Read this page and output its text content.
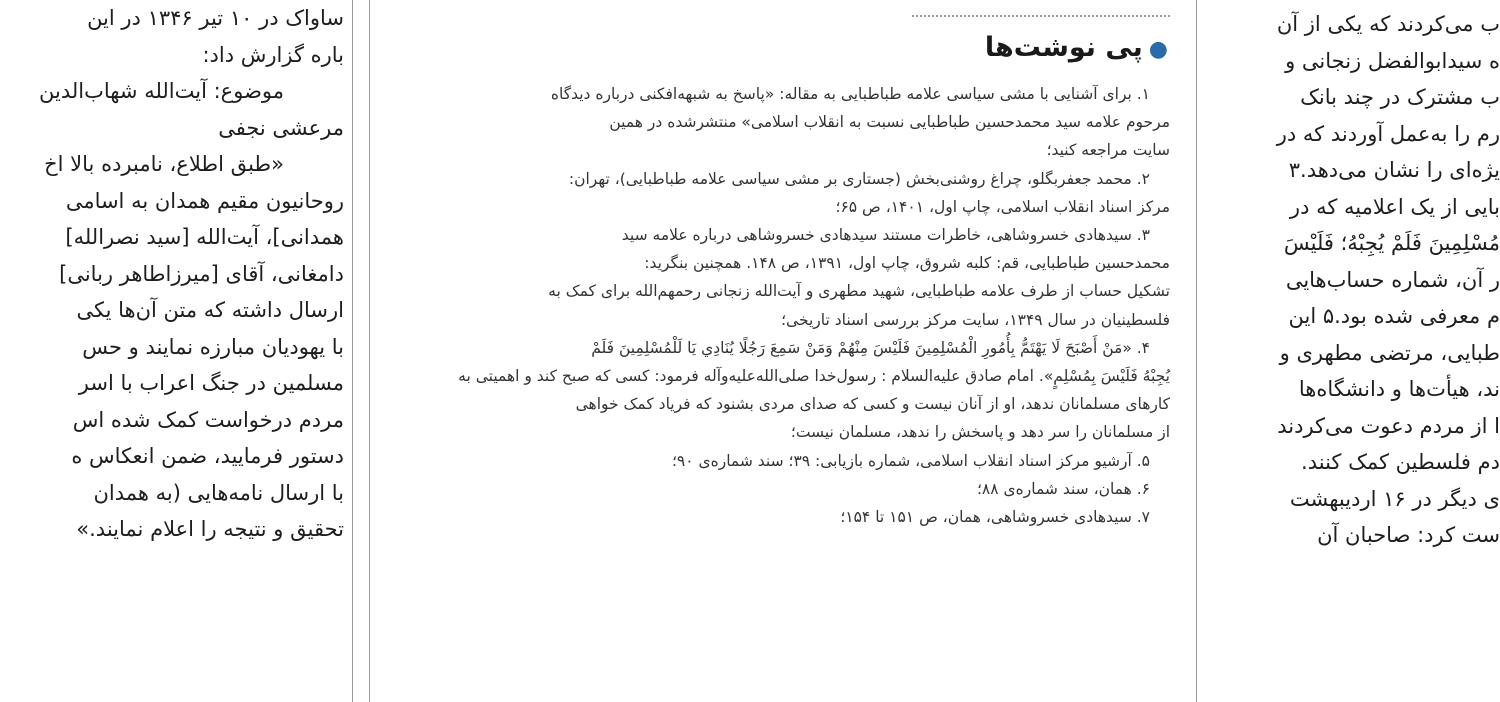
ساواک در ۱۰ تیر ۱۳۴۶ در این

باره گزارش داد:

موضوع: آیت‌الله شهاب‌الدین

مرعشی نجفی

«طبق اطلاع، نامبرده بالا اخ

روحانیون مقیم همدان به اسامی

همدانی]، آیت‌الله [سید نصرالله]

دامغانی، آقای [میرزاطاهر ربانی]

ارسال داشته که متن آن‌ها یکی

با یهودیان مبارزه نمایند و حس

مسلمین در جنگ اعراب با اسر

مردم درخواست کمک شده اس

دستور فرمایید، ضمن انعکاس ه

با ارسال نامه‌هایی (به همدان

تحقیق و نتیجه را اعلام نمایند.»

●پی نوشت‌ها

۱. برای آشنایی با مشی سیاسی علامه طباطبایی به مقاله: «پاسخ به شبهه‌افکنی درباره دیدگاه

مرحوم علامه سید محمدحسین طباطبایی نسبت به انقلاب اسلامی» منتشرشده در همین

سایت مراجعه کنید؛

۲. محمد جعفربگلو، چراغ روشنی‌بخش (جستاری بر مشی سیاسی علامه طباطبایی)، تهران:

مرکز اسناد انقلاب اسلامی، چاپ اول، ۱۴۰۱، ص ۶۵؛

۳. سیدهادی خسروشاهی، خاطرات مستند سیدهادی خسروشاهی درباره علامه سید

محمدحسین طباطبایی، قم: کلبه شروق، چاپ اول، ۱۳۹۱، ص ۱۴۸. همچنین بنگرید:

تشکیل حساب از طرف علامه طباطبایی، شهید مطهری و آیت‌الله زنجانی رحمهم‌الله برای کمک به

فلسطینیان در سال ۱۳۴۹، سایت مرکز بررسی اسناد تاریخی؛

۴. «مَنْ أَصْبَحَ لَا يَهْتَمُّ بِأُمُورِ الْمُسْلِمِينَ فَلَيْسَ مِنْهُمْ وَمَنْ سَمِعَ رَجُلًا يُنَادِي يَا لَلْمُسْلِمِينَ فَلَمْ

يُجِبْهُ فَلَيْسَ بِمُسْلِمٍ». امام صادق علیه‌السلام : رسول‌خدا صلی‌الله‌علیه‌وآله فرمود: کسی که صبح کند و اهمیتی به

کارهای مسلمانان ندهد، او از آنان نیست و کسی که صدای مردی بشنود که فریاد کمک خواهی

از مسلمانان را سر دهد و پاسخش را ندهد، مسلمان نیست؛

۵. آرشیو مرکز اسناد انقلاب اسلامی، شماره بازیابی: ۳۹؛ سند شماره‌ی ۹۰؛

۶. همان، سند شماره‌ی ۸۸؛

۷. سیدهادی خسروشاهی، همان، ص ۱۵۱ تا ۱۵۴؛

ب می‌کردند که یکی از آن

ه سیدابوالفضل زنجانی و

ب مشترک در چند بانک

رم را به‌عمل آوردند که در

یژه‌ای را نشان می‌دهد.۳

بایی از یک اعلامیه که در

مُسْلِمِينَ فَلَمْ يُجِبْهُ؛ فَلَيْسَ

ر آن، شماره حساب‌هایی

م معرفی شده بود.۵ این

طبایی، مرتضی مطهری و

ند، هیأت‌ها و دانشگاه‌ها

ا از مردم دعوت می‌کردند

دم فلسطین کمک کنند.

ی دیگر در ۱۶ اردیبهشت

ست کرد: صاحبان آن
